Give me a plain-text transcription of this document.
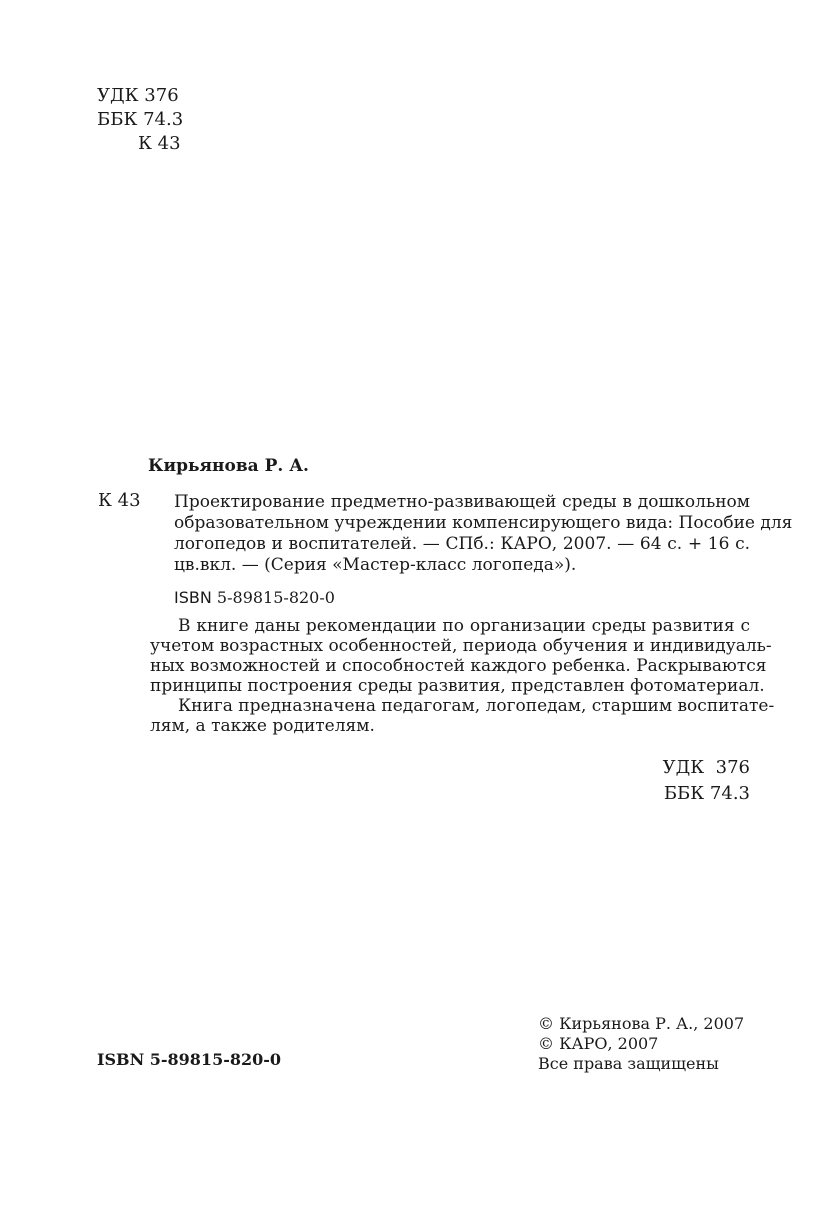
УДК 376
ББК 74.3
К 43
Кирьянова Р. А.
К 43 Проектирование предметно-развивающей среды в дошкольном
образовательном учреждении компенсирующего вида: Пособие для
логопедов и воспитателей. — СПб.: КАРО, 2007. — 64 с. + 16 с.
цв.вкл. — (Серия «Мастер-класс логопеда»).
ISBN 5-89815-820-0
В книге даны рекомендации по организации среды развития с
учетом возрастных особенностей, периода обучения и индивидуаль-
ных возможностей и способностей каждого ребенка. Раскрываются
принципы построения среды развития, представлен фотоматериал.
Книга предназначена педагогам, логопедам, старшим воспитате-
лям, а также родителям.
УДК  376
ББК 74.3
© Кирьянова Р. А., 2007
© КАРО, 2007
Все права защищены
ISBN 5-89815-820-0
